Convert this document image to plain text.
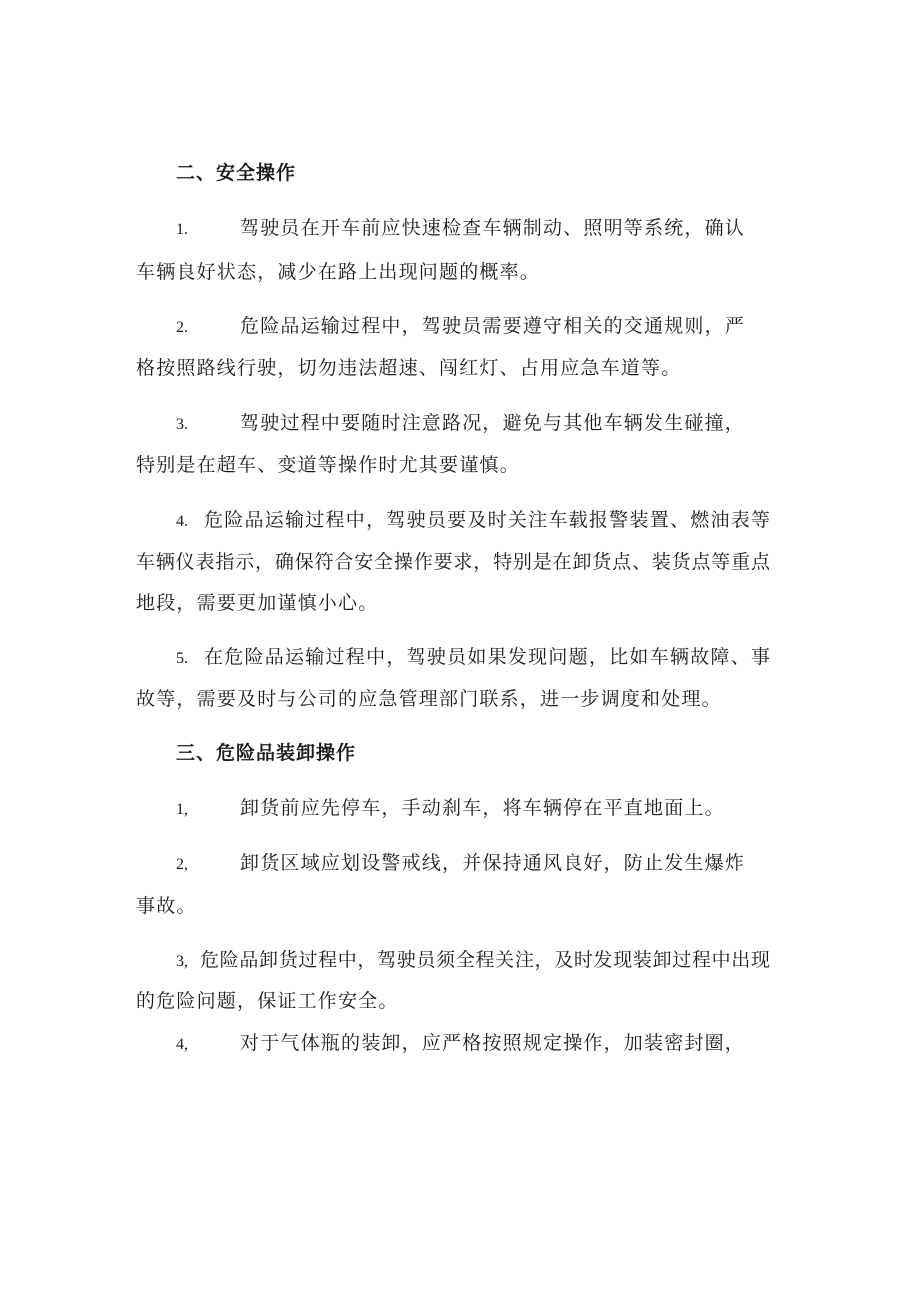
二、安全操作
1.	驾驶员在开车前应快速检查车辆制动、照明等系统，确认
车辆良好状态，减少在路上出现问题的概率。
2.	危险品运输过程中，驾驶员需要遵守相关的交通规则，严
格按照路线行驶，切勿违法超速、闯红灯、占用应急车道等。
3.	驾驶过程中要随时注意路况，避免与其他车辆发生碰撞，
特别是在超车、变道等操作时尤其要谨慎。
4. 危险品运输过程中，驾驶员要及时关注车载报警装置、燃油表等
车辆仪表指示，确保符合安全操作要求，特别是在卸货点、装货点等重点
地段，需要更加谨慎小心。
5. 在危险品运输过程中，驾驶员如果发现问题，比如车辆故障、事
故等，需要及时与公司的应急管理部门联系，进一步调度和处理。
三、危险品装卸操作
1,	卸货前应先停车，手动刹车，将车辆停在平直地面上。
2,	卸货区域应划设警戒线，并保持通风良好，防止发生爆炸
事故。
3, 危险品卸货过程中，驾驶员须全程关注，及时发现装卸过程中出现
的危险问题，保证工作安全。
4,	对于气体瓶的装卸，应严格按照规定操作，加装密封圈，
